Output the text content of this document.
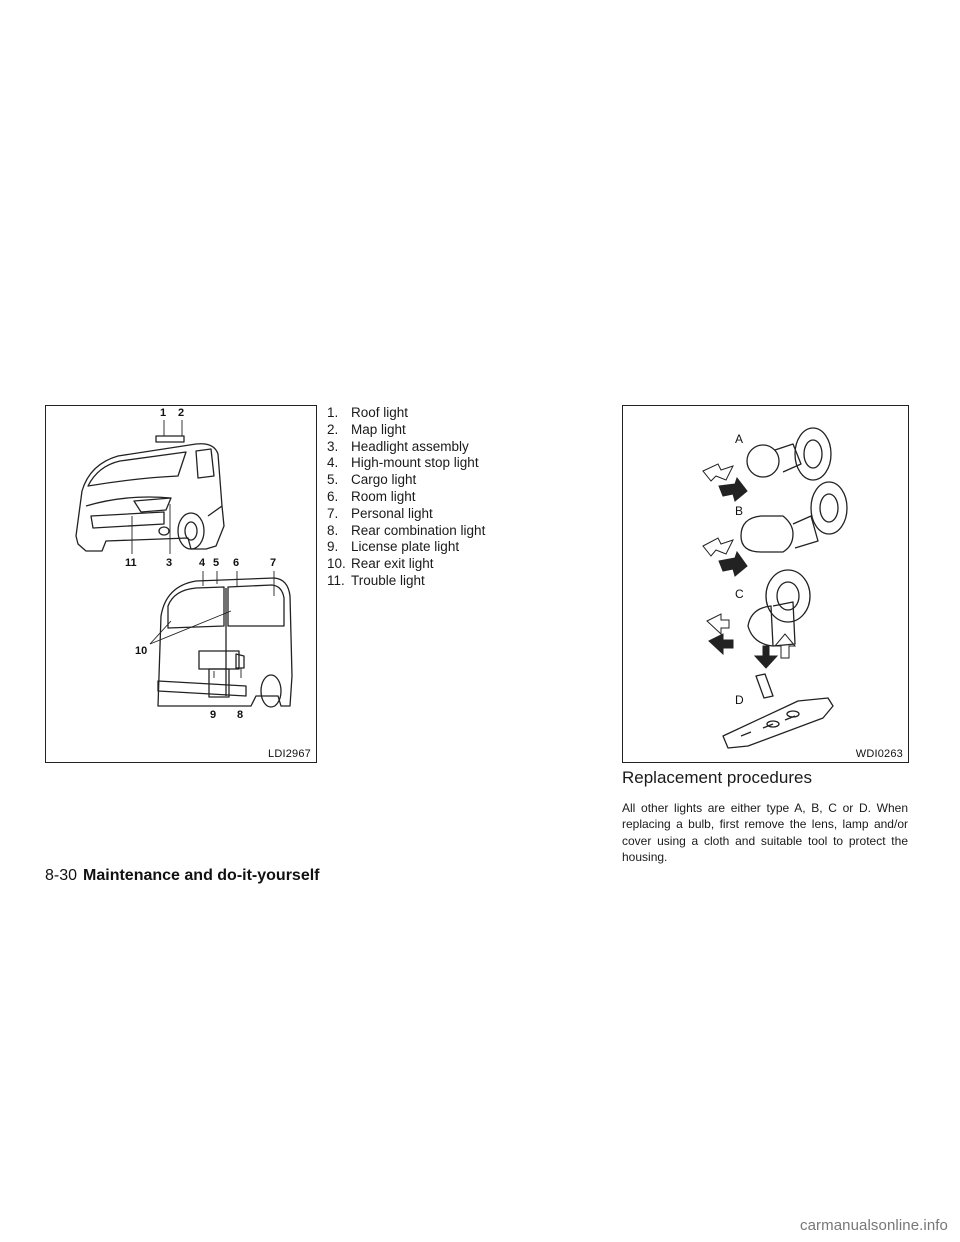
1 2
11	3 4 5 6	7
10
9 8
LDI2967
1. Roof light
2. Map light
3. Headlight assembly
4. High-mount stop light
5. Cargo light
6. Room light
7. Personal light
8. Rear combination light
9. License plate light
10. Rear exit light
11. Trouble light
A
B
C
D
WDI0263
Replacement procedures

All other lights are either type A, B, C or D. When replacing a bulb, first remove the lens, lamp and/or cover using a cloth and suitable tool to protect the housing.

8-30 Maintenance and do-it-yourself
carmanualsonline.info
